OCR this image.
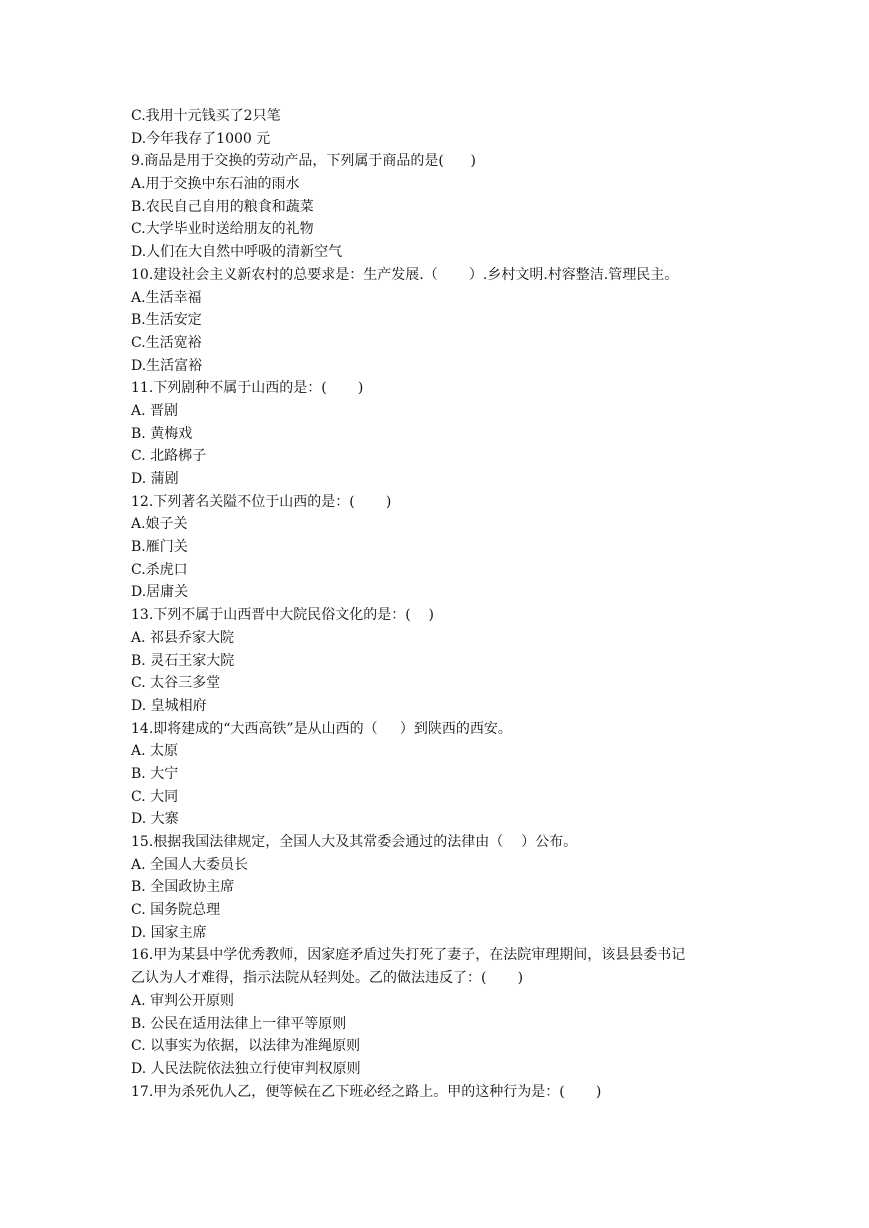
C.我用十元钱买了2只笔
D.今年我存了1000 元
9.商品是用于交换的劳动产品，下列属于商品的是(      )
A.用于交换中东石油的雨水
B.农民自己自用的粮食和蔬菜
C.大学毕业时送给朋友的礼物
D.人们在大自然中呼吸的清新空气
10.建设社会主义新农村的总要求是：生产发展.（       ）.乡村文明.村容整洁.管理民主。
A.生活幸福
B.生活安定
C.生活宽裕
D.生活富裕
11.下列剧种不属于山西的是：(       )
A. 晋剧
B. 黄梅戏
C. 北路梆子
D. 蒲剧
12.下列著名关隘不位于山西的是：(       )
A.娘子关
B.雁门关
C.杀虎口
D.居庸关
13.下列不属于山西晋中大院民俗文化的是：(    )
A. 祁县乔家大院
B. 灵石王家大院
C. 太谷三多堂
D. 皇城相府
14.即将建成的“大西高铁”是从山西的（     ）到陕西的西安。
A. 太原
B. 大宁
C. 大同
D. 大寨
15.根据我国法律规定，全国人大及其常委会通过的法律由（    ）公布。
A. 全国人大委员长
B. 全国政协主席
C. 国务院总理
D. 国家主席
16.甲为某县中学优秀教师，因家庭矛盾过失打死了妻子，在法院审理期间，该县县委书记
乙认为人才难得，指示法院从轻判处。乙的做法违反了：(       )
A. 审判公开原则
B. 公民在适用法律上一律平等原则
C. 以事实为依据，以法律为准绳原则
D. 人民法院依法独立行使审判权原则
17.甲为杀死仇人乙，便等候在乙下班必经之路上。甲的这种行为是：(       )
